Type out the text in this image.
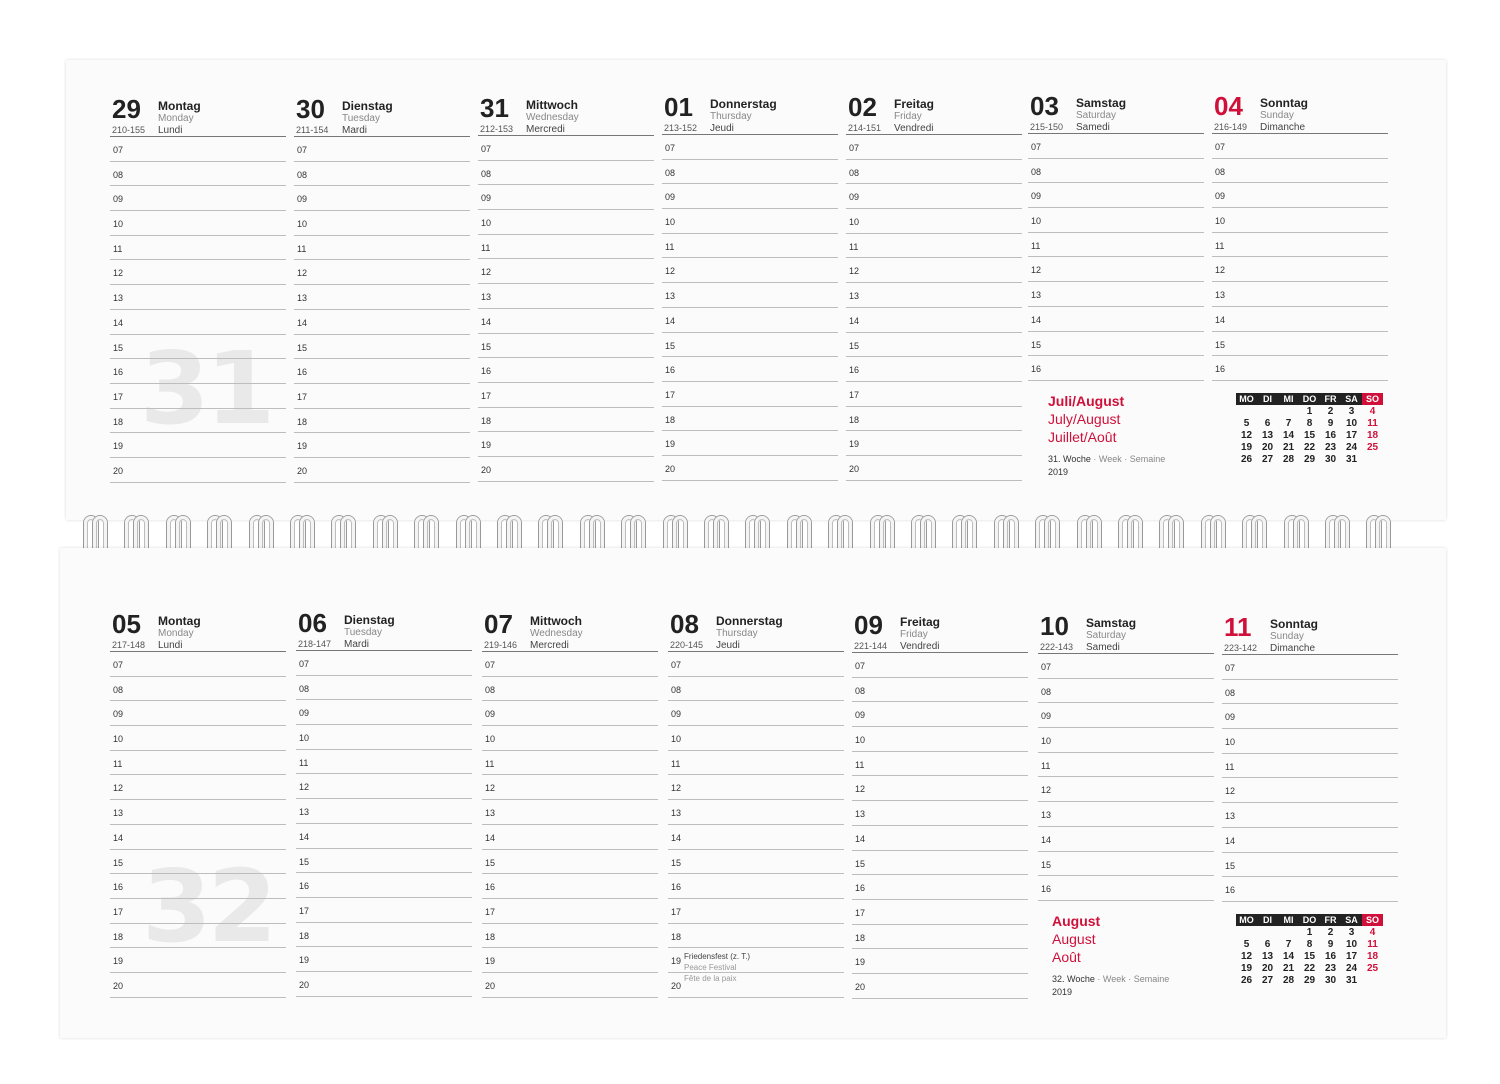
31
29 Montag
Monday
Lundi
210-155
07
08
09
10
11
12
13
14
15
16
17
18
19
20
30 Dienstag
Tuesday
Mardi
211-154
07
08
09
10
11
12
13
14
15
16
17
18
19
20
31 Mittwoch
Wednesday
Mercredi
212-153
07
08
09
10
11
12
13
14
15
16
17
18
19
20
01 Donnerstag
Thursday
Jeudi
213-152
07
08
09
10
11
12
13
14
15
16
17
18
19
20
02 Freitag
Friday
Vendredi
214-151
07
08
09
10
11
12
13
14
15
16
17
18
19
20
03 Samstag
Saturday
Samedi
215-150
07
08
09
10
11
12
13
14
15
16
04 Sonntag
Sunday
Dimanche
216-149
07
08
09
10
11
12
13
14
15
16
Juli/August
July/August
Juillet/Août
31. Woche · Week · Semaine
2019
MO	DI	MI	DO	FR	SA	SO
			1	2	3	4
5	6	7	8	9	10	11
12	13	14	15	16	17	18
19	20	21	22	23	24	25
26	27	28	29	30	31	
32
05 Montag
Monday
Lundi
217-148
07
08
09
10
11
12
13
14
15
16
17
18
19
20
06 Dienstag
Tuesday
Mardi
218-147
07
08
09
10
11
12
13
14
15
16
17
18
19
20
07 Mittwoch
Wednesday
Mercredi
219-146
07
08
09
10
11
12
13
14
15
16
17
18
19
20
08 Donnerstag
Thursday
Jeudi
220-145
07
08
09
10
11
12
13
14
15
16
17
18
19 Friedensfest (z. T.)
Peace Festival
Fête de la paix
20
09 Freitag
Friday
Vendredi
221-144
07
08
09
10
11
12
13
14
15
16
17
18
19
20
10 Samstag
Saturday
Samedi
222-143
07
08
09
10
11
12
13
14
15
16
11 Sonntag
Sunday
Dimanche
223-142
07
08
09
10
11
12
13
14
15
16
August
August
Août
32. Woche · Week · Semaine
2019
MO	DI	MI	DO	FR	SA	SO
			1	2	3	4
5	6	7	8	9	10	11
12	13	14	15	16	17	18
19	20	21	22	23	24	25
26	27	28	29	30	31	
